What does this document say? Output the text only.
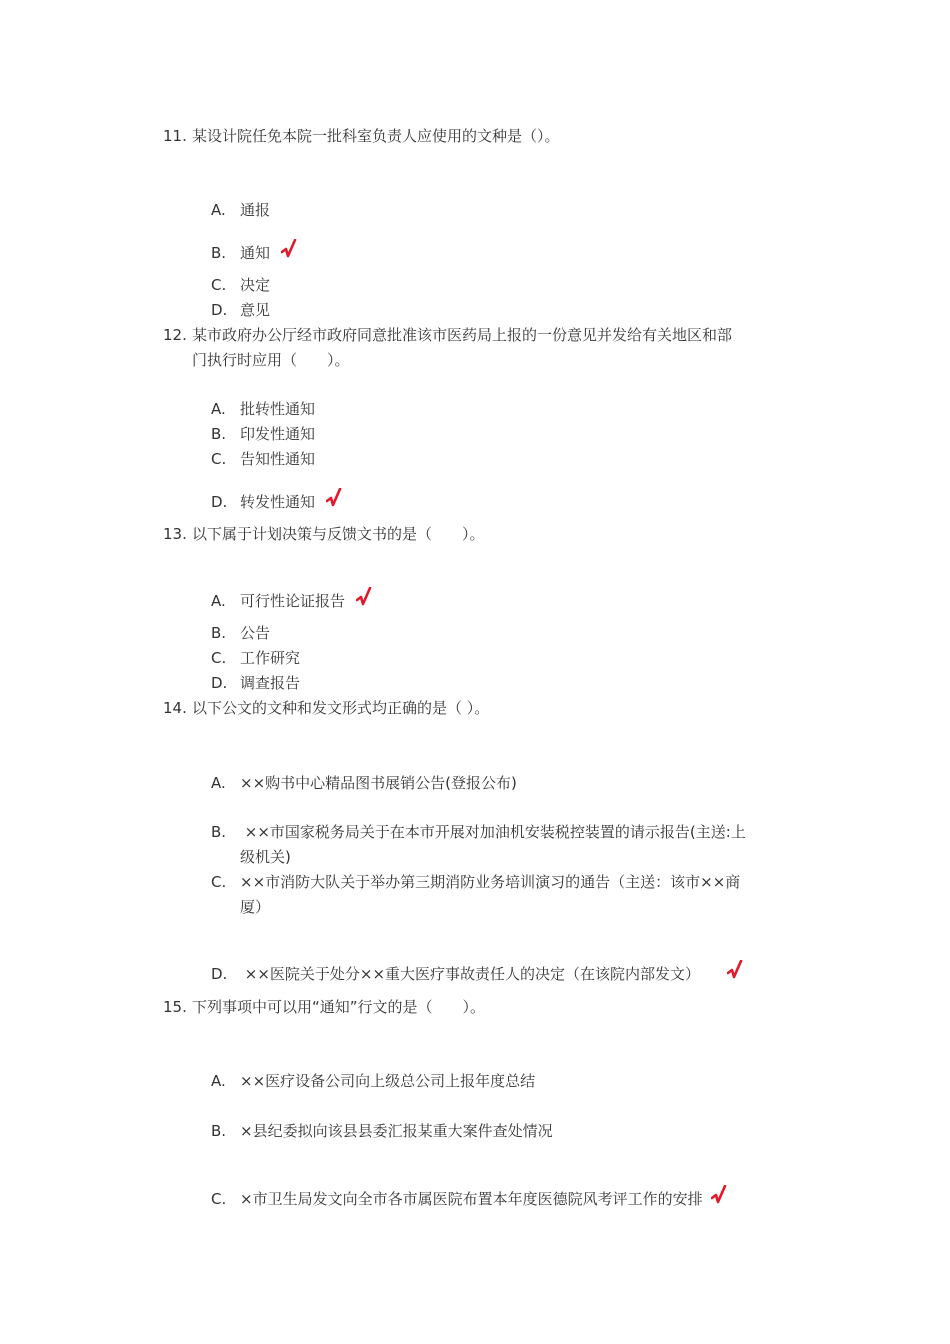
11. 某设计院任免本院一批科室负责人应使用的文种是（）。
A. 通报
B. 通知
C. 决定
D. 意见
12. 某市政府办公厅经市政府同意批准该市医药局上报的一份意见并发给有关地区和部
门执行时应用（　　）。
A. 批转性通知
B. 印发性通知
C. 告知性通知
D. 转发性通知
13. 以下属于计划决策与反馈文书的是（　　）。
A. 可行性论证报告
B. 公告
C. 工作研究
D. 调查报告
14. 以下公文的文种和发文形式均正确的是（ ）。
A. ××购书中心精品图书展销公告(登报公布)
B. ××市国家税务局关于在本市开展对加油机安装税控装置的请示报告(主送:上
级机关)
C. ××市消防大队关于举办第三期消防业务培训演习的通告（主送：该市××商
厦）
D. ××医院关于处分××重大医疗事故责任人的决定（在该院内部发文）
15. 下列事项中可以用“通知”行文的是（　　）。
A. ××医疗设备公司向上级总公司上报年度总结
B. ×县纪委拟向该县县委汇报某重大案件查处情况
C. ×市卫生局发文向全市各市属医院布置本年度医德院风考评工作的安排
